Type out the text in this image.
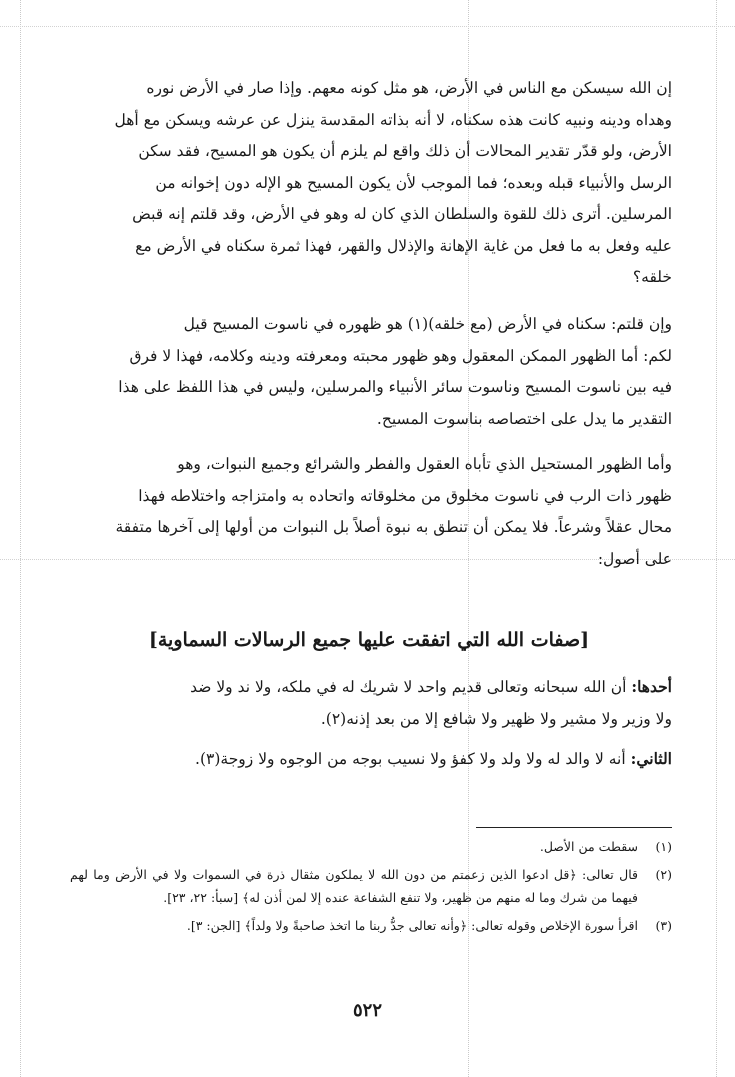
إن الله سيسكن مع الناس في الأرض، هو مثل كونه معهم. وإذا صار في الأرض نوره
وهداه ودينه ونبيه كانت هذه سكناه، لا أنه بذاته المقدسة ينزل عن عرشه ويسكن مع أهل
الأرض، ولو قدّر تقدير المحالات أن ذلك واقع لم يلزم أن يكون هو المسيح، فقد سكن
الرسل والأنبياء قبله وبعده؛ فما الموجب لأن يكون المسيح هو الإله دون إخوانه من
المرسلين. أترى ذلك للقوة والسلطان الذي كان له وهو في الأرض، وقد قلتم إنه قبض
عليه وفعل به ما فعل من غاية الإهانة والإذلال والقهر، فهذا ثمرة سكناه في الأرض مع
خلقه؟

وإن قلتم: سكناه في الأرض (مع خلقه)(١) هو ظهوره في ناسوت المسيح قيل
لكم: أما الظهور الممكن المعقول وهو ظهور محبته ومعرفته ودينه وكلامه، فهذا لا فرق
فيه بين ناسوت المسيح وناسوت سائر الأنبياء والمرسلين، وليس في هذا اللفظ على هذا
التقدير ما يدل على اختصاصه بناسوت المسيح.

وأما الظهور المستحيل الذي تأباه العقول والفطر والشرائع وجميع النبوات، وهو
ظهور ذات الرب في ناسوت مخلوق من مخلوقاته واتحاده به وامتزاجه واختلاطه فهذا
محال عقلاً وشرعاً. فلا يمكن أن تنطق به نبوة أصلاً بل النبوات من أولها إلى آخرها متفقة
على أصول:

[صفات الله التي اتفقت عليها جميع الرسالات السماوية]

أحدها: أن الله سبحانه وتعالى قديم واحد لا شريك له في ملكه، ولا ند ولا ضد
ولا وزير ولا مشير ولا ظهير ولا شافع إلا من بعد إذنه(٢).

الثاني: أنه لا والد له ولا ولد ولا كفؤ ولا نسيب بوجه من الوجوه ولا زوجة(٣).

(١)
سقطت من الأصل.
(٢)
قال تعالى: ﴿قل ادعوا الذين زعمتم من دون الله لا يملكون مثقال ذرة في السموات ولا في الأرض وما لهم فيهما من شرك وما له منهم من ظهير، ولا تنفع الشفاعة عنده إلا لمن أذن له﴾ [سبأ: ٢٢، ٢٣].
(٣)
اقرأ سورة الإخلاص وقوله تعالى: ﴿وأنه تعالى جدُّ ربنا ما اتخذ صاحبةً ولا ولداً﴾ [الجن: ٣].
٥٢٢
